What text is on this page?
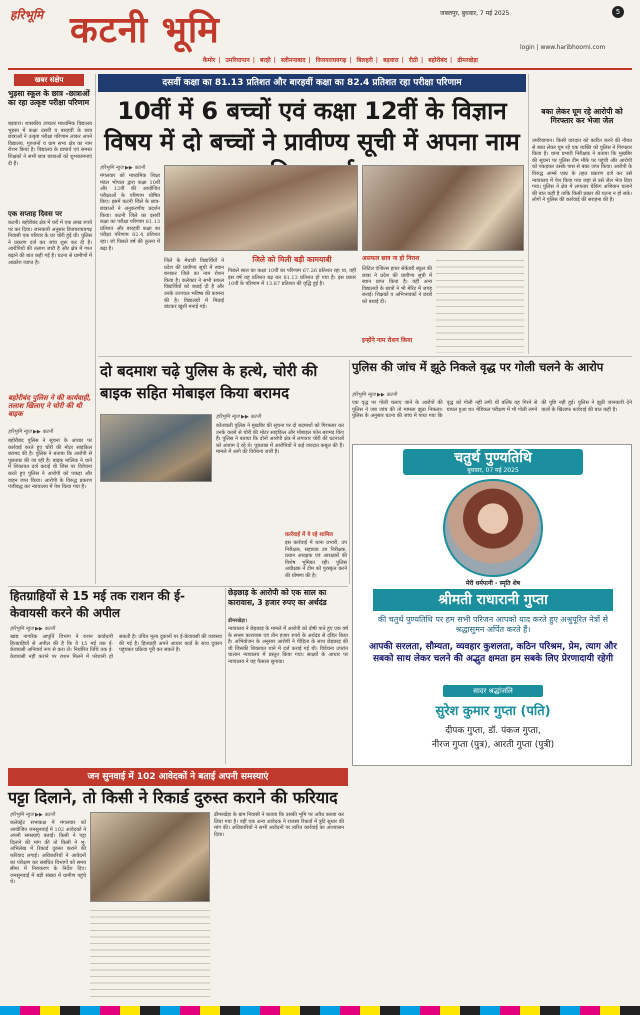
हरिभूमि कटनी भूमि	जबलपुर, बुधवार, 7 मई 2025	5
login | www.haribhoomi.com
कैमोर | उमरियापान | बरही | स्लीमनाबाद | विजयराघवगढ़ | बिलहरी | बड़वारा | रीठी | बहोरीबंद | ढीमरखेड़ा
खबर संक्षेप
भुड़सा स्कूल के छात्र -छात्राओं का रहा उत्कृष्ट परीक्षा परिणाम
बड़वारा। शासकीय उच्चतर माध्यमिक विद्यालय भुड़सा में कक्षा दसवीं व बारहवीं के छात्र छात्राओं ने उत्कृष्ट परीक्षा परिणाम लाकर अपने विद्यालय, गुरुजनों व ग्राम सभा क्षेत्र का नाम रोशन किया है। विद्यालय के प्राचार्य एवं समस्त शिक्षकों ने सभी छात्र छात्राओं को शुभकामनाएं दी हैं।
एक सप्ताह दिवस पर
कटनी। बहोरीबंद क्षेत्र में घरों में एक लाख रुपये पर कर दिया। जानकारी अनुसार विजयराघवगढ़ निवासी एक परिवार के घर चोरी हुई थी। पुलिस ने प्रकरण दर्ज कर जांच शुरू कर दी है। आरोपियों की तलाश जारी है और क्षेत्र में गश्त बढ़ाने की बात कही गई है। घटना से ग्रामीणों में आक्रोश व्याप्त है।
बहोरीबंद पुलिस ने की कार्यवाही, तलाश खिलाए ने चोरी की थी बाइक
हरिभूमि न्यूज ▶▶ कटनी
बहोरीबंद पुलिस ने सूचना के आधार पर कार्रवाई करते हुए चोरी की मोटर साइकिल बरामद की है। पुलिस ने बताया कि आरोपी से पूछताछ की जा रही है। बाइक मालिक ने थाने में शिकायत दर्ज कराई थी जिस पर विवेचना करते हुए पुलिस ने आरोपी को पकड़ा और वाहन जप्त किया। आरोपी के विरुद्ध प्रकरण पंजीबद्ध कर न्यायालय में पेश किया गया है।
दसवीं कक्षा का 81.13 प्रतिशत और बारहवीं कक्षा का 82.4 प्रतिशत रहा परीक्षा परिणाम
10वीं में 6 बच्चों एवं कक्षा 12वीं के विज्ञान विषय में दो बच्चों ने प्रावीण्य सूची में अपना नाम
हरिभूमि न्यूज ▶▶ कटनी
मंगलवार को माध्यमिक शिक्षा मंडल भोपाल द्वारा कक्षा 10वीं और 12वीं की आयोजित परीक्षाओं के परिणाम घोषित किए। इसमें कटनी जिले के छात्र-छात्राओं ने अनुकरणीय प्रदर्शन किया। कटनी जिले का दसवीं कक्षा का परीक्षा परिणाम 81.13 प्रतिशत और बारहवीं कक्षा का परीक्षा परिणाम 82.4 प्रतिशत रहा। जो पिछले वर्ष की तुलना में बढ़ा है।
जिले के मेधावी विद्यार्थियों ने प्रदेश की प्रावीण्य सूची में स्थान बनाकर जिले का नाम रोशन किया है। कलेक्टर ने सभी सफल विद्यार्थियों को बधाई दी है और उनके उज्ज्वल भविष्य की कामना की है। विद्यालयों में मिठाई बांटकर खुशी मनाई गई।
जिले को मिली बड़ी कामयाबी
पिछले साल का कक्षा 10वीं का परिणाम 67.26 प्रतिशत रहा था, वहीं इस वर्ष यह प्रतिशत बढ़ कर 81.13 प्रतिशत हो गया है। इस प्रकार 10वीं के परिणाम में 13.87 प्रतिशत की वृद्धि हुई है।
असफल छात्र ना हो निराश
लिटिल एंजिल्स हायर सेकेंडरी स्कूल की छात्रा ने प्रदेश की प्रावीण्य सूची में स्थान प्राप्त किया है। वहीं अन्य विद्यालयों के छात्रों ने भी मेरिट में जगह बनाई। शिक्षकों व अभिभावकों ने छात्रों को बधाई दी।
इन्होंने नाम रोशन किया
बका लेकर घूम रहे आरोपी को गिरफ्तार कर भेजा जेल
उमरियापान। किसी वारदात को कारित करने की नीयत से बका लेकर घूम रहे एक व्यक्ति को पुलिस ने गिरफ्तार किया है। थाना प्रभारी निरीक्षक ने बताया कि मुखबिर की सूचना पर पुलिस टीम मौके पर पहुंची और आरोपी को पकड़कर उसके पास से बका जप्त किया। आरोपी के विरुद्ध आर्म्स एक्ट के तहत प्रकरण दर्ज कर उसे न्यायालय में पेश किया गया जहां से उसे जेल भेज दिया गया। पुलिस ने क्षेत्र में लगातार चेकिंग अभियान चलाने की बात कही है ताकि किसी प्रकार की घटना न हो सके। लोगों ने पुलिस की कार्रवाई की सराहना की है।
दो बदमाश चढ़े पुलिस के हत्थे, चोरी की बाइक सहित मोबाइल किया बरामद
हरिभूमि न्यूज ▶▶ कटनी
कोतवाली पुलिस ने मुखबिर की सूचना पर दो बदमाशों को गिरफ्तार कर उनके कब्जे से चोरी की मोटर साइकिल और मोबाइल फोन बरामद किए हैं। पुलिस ने बताया कि दोनों आरोपी क्षेत्र में लगातार चोरी की घटनाओं को अंजाम दे रहे थे। पूछताछ में आरोपियों ने कई वारदात कबूल की हैं। मामले में आगे की विवेचना जारी है।
कार्रवाई में ये रहे शामिल
इस कार्रवाई में थाना प्रभारी, उप निरीक्षक, सहायक उप निरीक्षक, प्रधान आरक्षक एवं आरक्षकों की विशेष भूमिका रही। पुलिस अधीक्षक ने टीम को पुरस्कृत करने की घोषणा की है।
पुलिस की जांच में झूठे निकले वृद्ध पर गोली चलने के आरोप
हरिभूमि न्यूज ▶▶ कटनी
एक वृद्ध पर गोली चलाए जाने के आरोपों की पुलिस ने जब जांच की तो मामला झूठा निकला। पुलिस के अनुसार घटना की जांच में पाया गया कि वृद्ध को गोली नहीं लगी थी बल्कि वह गिरने से घायल हुआ था। मेडिकल परीक्षण में भी गोली लगने की पुष्टि नहीं हुई। पुलिस ने झूठी जानकारी देने वालों के खिलाफ कार्रवाई की बात कही है।
हितग्राहियों से 15 मई तक राशन की ई-केवायसी करने की अपील
हरिभूमि न्यूज ▶▶ कटनी
खाद्य नागरिक आपूर्ति विभाग ने राशन कार्डधारी हितग्राहियों से अपील की है कि वे 15 मई तक ई-केवायसी अनिवार्य रूप से करा लें। निर्धारित तिथि तक ई-केवायसी नहीं कराने पर राशन मिलने में परेशानी हो सकती है। उचित मूल्य दुकानों पर ई-केवायसी की व्यवस्था की गई है। हितग्राही अपने आधार कार्ड के साथ दुकान पहुंचकर प्रक्रिया पूरी कर सकते हैं।
छेड़छाड़ के आरोपी को एक साल का कारावास, 3 हजार रुपए का अर्थदंड
ढीमरखेड़ा।
न्यायालय ने छेड़छाड़ के मामले में आरोपी को दोषी पाते हुए एक वर्ष के सश्रम कारावास एवं तीन हजार रुपये के अर्थदंड से दंडित किया है। अभियोजन के अनुसार आरोपी ने पीड़िता के साथ छेड़छाड़ की थी जिसकी शिकायत थाने में दर्ज कराई गई थी। विवेचना उपरांत चालान न्यायालय में प्रस्तुत किया गया। साक्ष्यों के आधार पर न्यायालय ने यह फैसला सुनाया।
चतुर्थ पुण्यतिथि
बुधवार, 07 मई 2025
मेरी धर्मपत्नी - स्मृति शेष
श्रीमती राधारानी गुप्ता
की चतुर्थ पुण्यतिथि पर हम सभी परिजन आपको याद करते हुए अश्रुपूरित नेत्रों से श्रद्धासुमन अर्पित करते हैं।
आपकी सरलता, सौम्यता, व्यवहार कुशलता, कठिन परिश्रम, प्रेम, त्याग और सबको साथ लेकर चलने की अद्भुत क्षमता हम सबके लिए प्रेरणादायी रहेगी
सादर श्रद्धांजलि
सुरेश कुमार गुप्ता (पति)
दीपक गुप्ता, डॉ. पंकज गुप्ता,
नीरज गुप्ता (पुत्र), आरती गुप्ता (पुत्री)
जन सुनवाई में 102 आवेदकों ने बताई अपनी समस्याएं
पट्टा दिलाने, तो किसी ने रिकार्ड दुरुस्त कराने की फरियाद
हरिभूमि न्यूज ▶▶ कटनी
कलेक्ट्रेट सभाकक्ष में मंगलवार को आयोजित जनसुनवाई में 102 आवेदकों ने अपनी समस्याएं बताईं। किसी ने पट्टा दिलाने की मांग की तो किसी ने भू-अभिलेख में रिकार्ड दुरुस्त कराने की फरियाद लगाई। अधिकारियों ने आवेदनों का परीक्षण कर संबंधित विभागों को समय सीमा में निराकरण के निर्देश दिए। जनसुनवाई में बड़ी संख्या में ग्रामीण पहुंचे थे।
ढीमरखेड़ा के ग्राम निवासी ने बताया कि उसकी भूमि पर अवैध कब्जा कर लिया गया है। वहीं एक अन्य आवेदक ने राजस्व रिकार्ड में त्रुटि सुधार की मांग की। अधिकारियों ने सभी आवेदनों पर त्वरित कार्रवाई का आश्वासन दिया।
